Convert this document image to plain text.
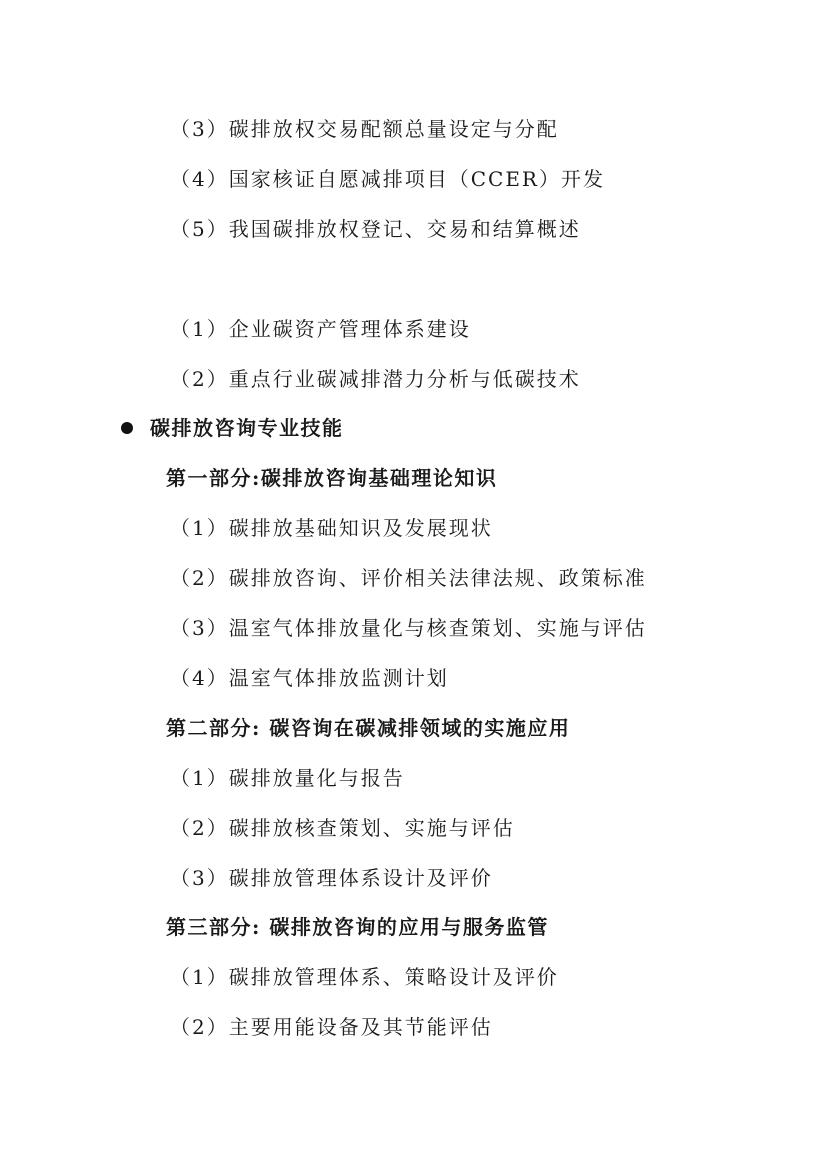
（3）碳排放权交易配额总量设定与分配
（4）国家核证自愿减排项目（CCER）开发
（5）我国碳排放权登记、交易和结算概述
（1）企业碳资产管理体系建设
（2）重点行业碳减排潜力分析与低碳技术
碳排放咨询专业技能
第一部分:碳排放咨询基础理论知识
（1）碳排放基础知识及发展现状
（2）碳排放咨询、评价相关法律法规、政策标准
（3）温室气体排放量化与核查策划、实施与评估
（4）温室气体排放监测计划
第二部分: 碳咨询在碳减排领域的实施应用
（1）碳排放量化与报告
（2）碳排放核查策划、实施与评估
（3）碳排放管理体系设计及评价
第三部分: 碳排放咨询的应用与服务监管
（1）碳排放管理体系、策略设计及评价
（2）主要用能设备及其节能评估
